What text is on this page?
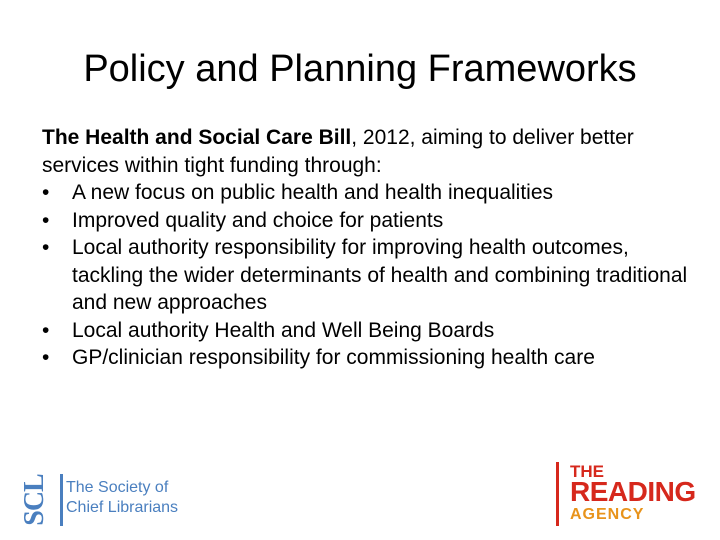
Policy and Planning Frameworks
The Health and Social Care Bill, 2012, aiming to deliver better services within tight funding through:
• A new focus on public health and health inequalities
• Improved quality and choice for patients
• Local authority responsibility for improving health outcomes, tackling the wider determinants of health and combining traditional and new approaches
• Local authority Health and Well Being Boards
• GP/clinician responsibility for commissioning health care
SCL	The Society of
Chief Librarians
THE
READING
AGENCY
